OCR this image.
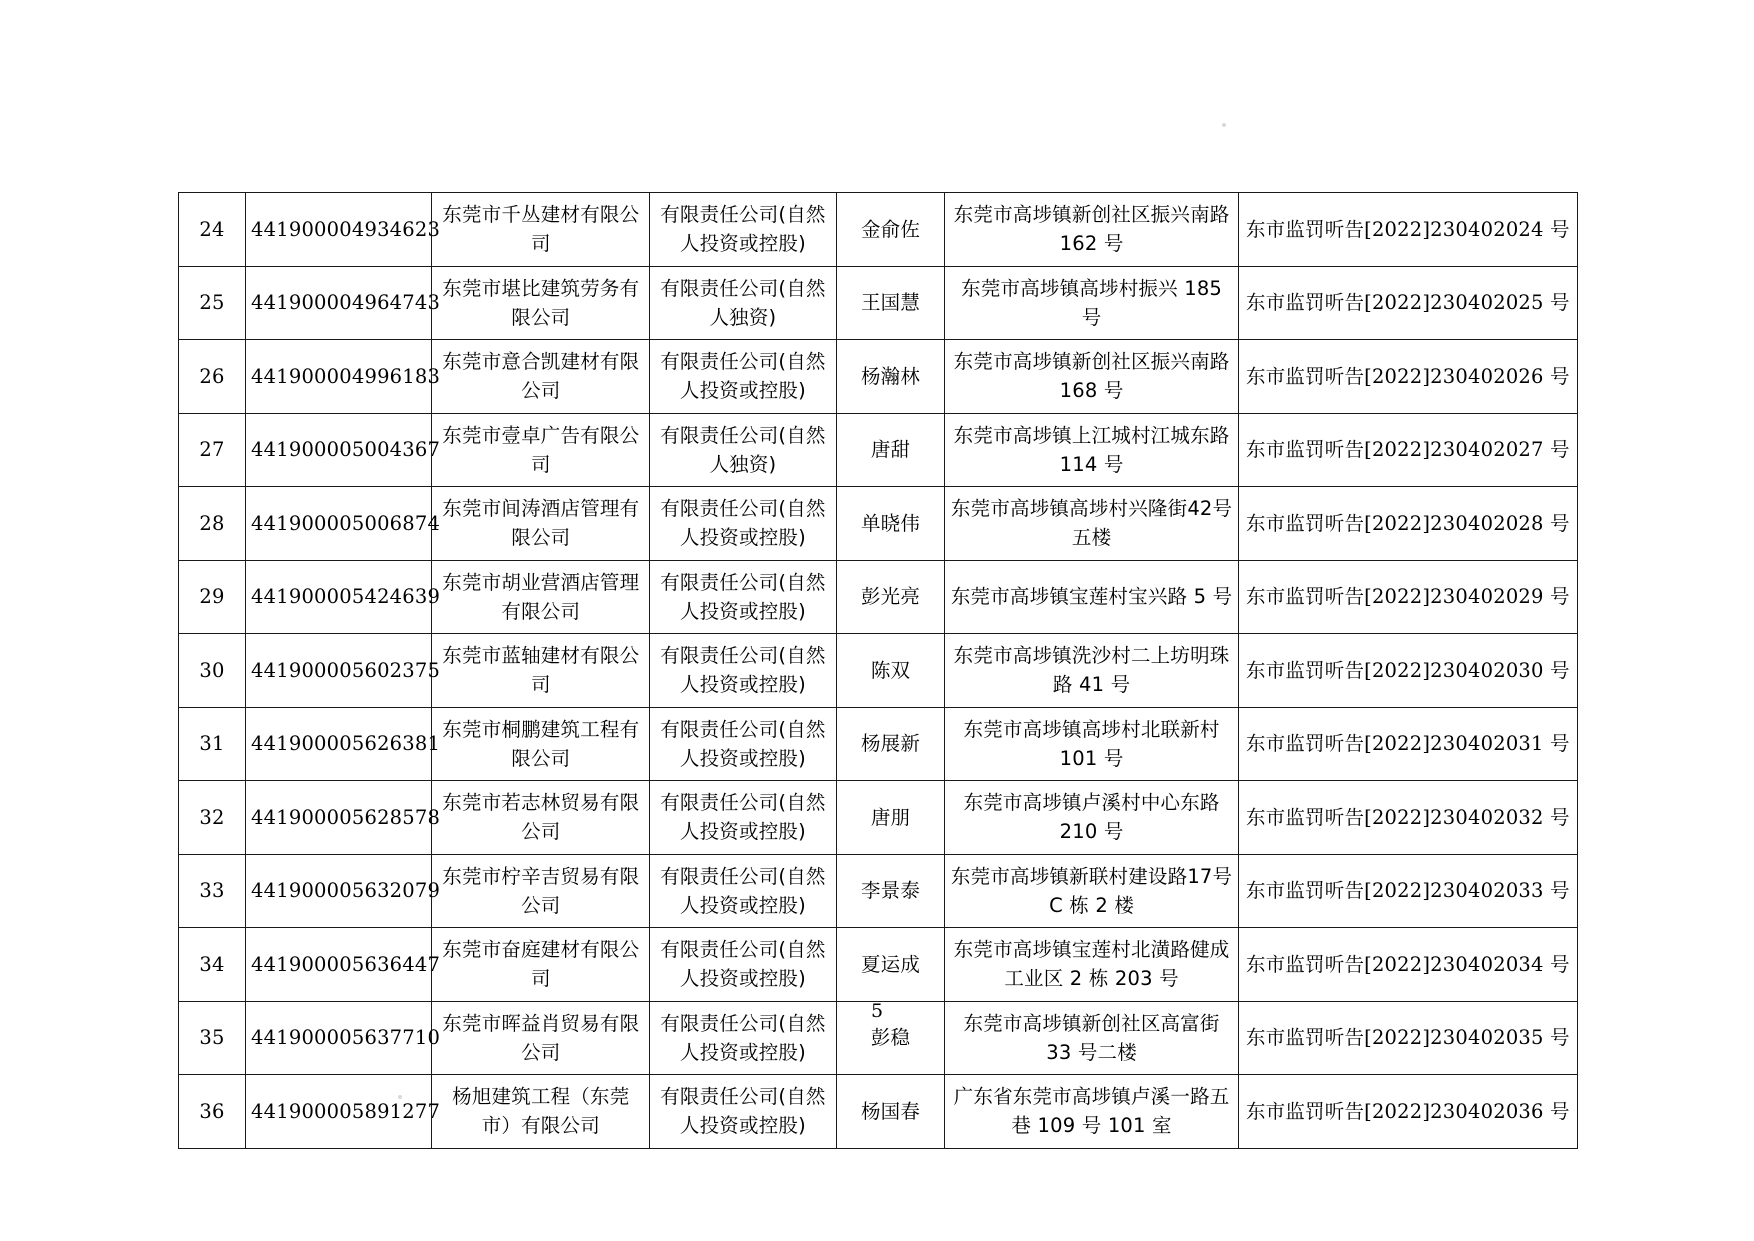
24	441900004934623	东莞市千丛建材有限公司	有限责任公司(自然人投资或控股)	金俞佐	东莞市高埗镇新创社区振兴南路 162 号	东市监罚听告[2022]230402024 号
25	441900004964743	东莞市堪比建筑劳务有限公司	有限责任公司(自然人独资)	王国慧	东莞市高埗镇高埗村振兴 185 号	东市监罚听告[2022]230402025 号
26	441900004996183	东莞市意合凯建材有限公司	有限责任公司(自然人投资或控股)	杨瀚林	东莞市高埗镇新创社区振兴南路 168 号	东市监罚听告[2022]230402026 号
27	441900005004367	东莞市壹卓广告有限公司	有限责任公司(自然人独资)	唐甜	东莞市高埗镇上江城村江城东路 114 号	东市监罚听告[2022]230402027 号
28	441900005006874	东莞市间涛酒店管理有限公司	有限责任公司(自然人投资或控股)	单晓伟	东莞市高埗镇高埗村兴隆街42号五楼	东市监罚听告[2022]230402028 号
29	441900005424639	东莞市胡业营酒店管理有限公司	有限责任公司(自然人投资或控股)	彭光亮	东莞市高埗镇宝莲村宝兴路 5 号	东市监罚听告[2022]230402029 号
30	441900005602375	东莞市蓝轴建材有限公司	有限责任公司(自然人投资或控股)	陈双	东莞市高埗镇洗沙村二上坊明珠路 41 号	东市监罚听告[2022]230402030 号
31	441900005626381	东莞市桐鹏建筑工程有限公司	有限责任公司(自然人投资或控股)	杨展新	东莞市高埗镇高埗村北联新村 101 号	东市监罚听告[2022]230402031 号
32	441900005628578	东莞市若志林贸易有限公司	有限责任公司(自然人投资或控股)	唐朋	东莞市高埗镇卢溪村中心东路 210 号	东市监罚听告[2022]230402032 号
33	441900005632079	东莞市柠辛吉贸易有限公司	有限责任公司(自然人投资或控股)	李景泰	东莞市高埗镇新联村建设路17号C 栋 2 楼	东市监罚听告[2022]230402033 号
34	441900005636447	东莞市奋庭建材有限公司	有限责任公司(自然人投资或控股)	夏运成	东莞市高埗镇宝莲村北潢路健成工业区 2 栋 203 号	东市监罚听告[2022]230402034 号
35	441900005637710	东莞市晖益肖贸易有限公司	有限责任公司(自然人投资或控股)	彭稳	东莞市高埗镇新创社区高富街 33 号二楼	东市监罚听告[2022]230402035 号
36	441900005891277	杨旭建筑工程（东莞市）有限公司	有限责任公司(自然人投资或控股)	杨国春	广东省东莞市高埗镇卢溪一路五巷 109 号 101 室	东市监罚听告[2022]230402036 号
5
